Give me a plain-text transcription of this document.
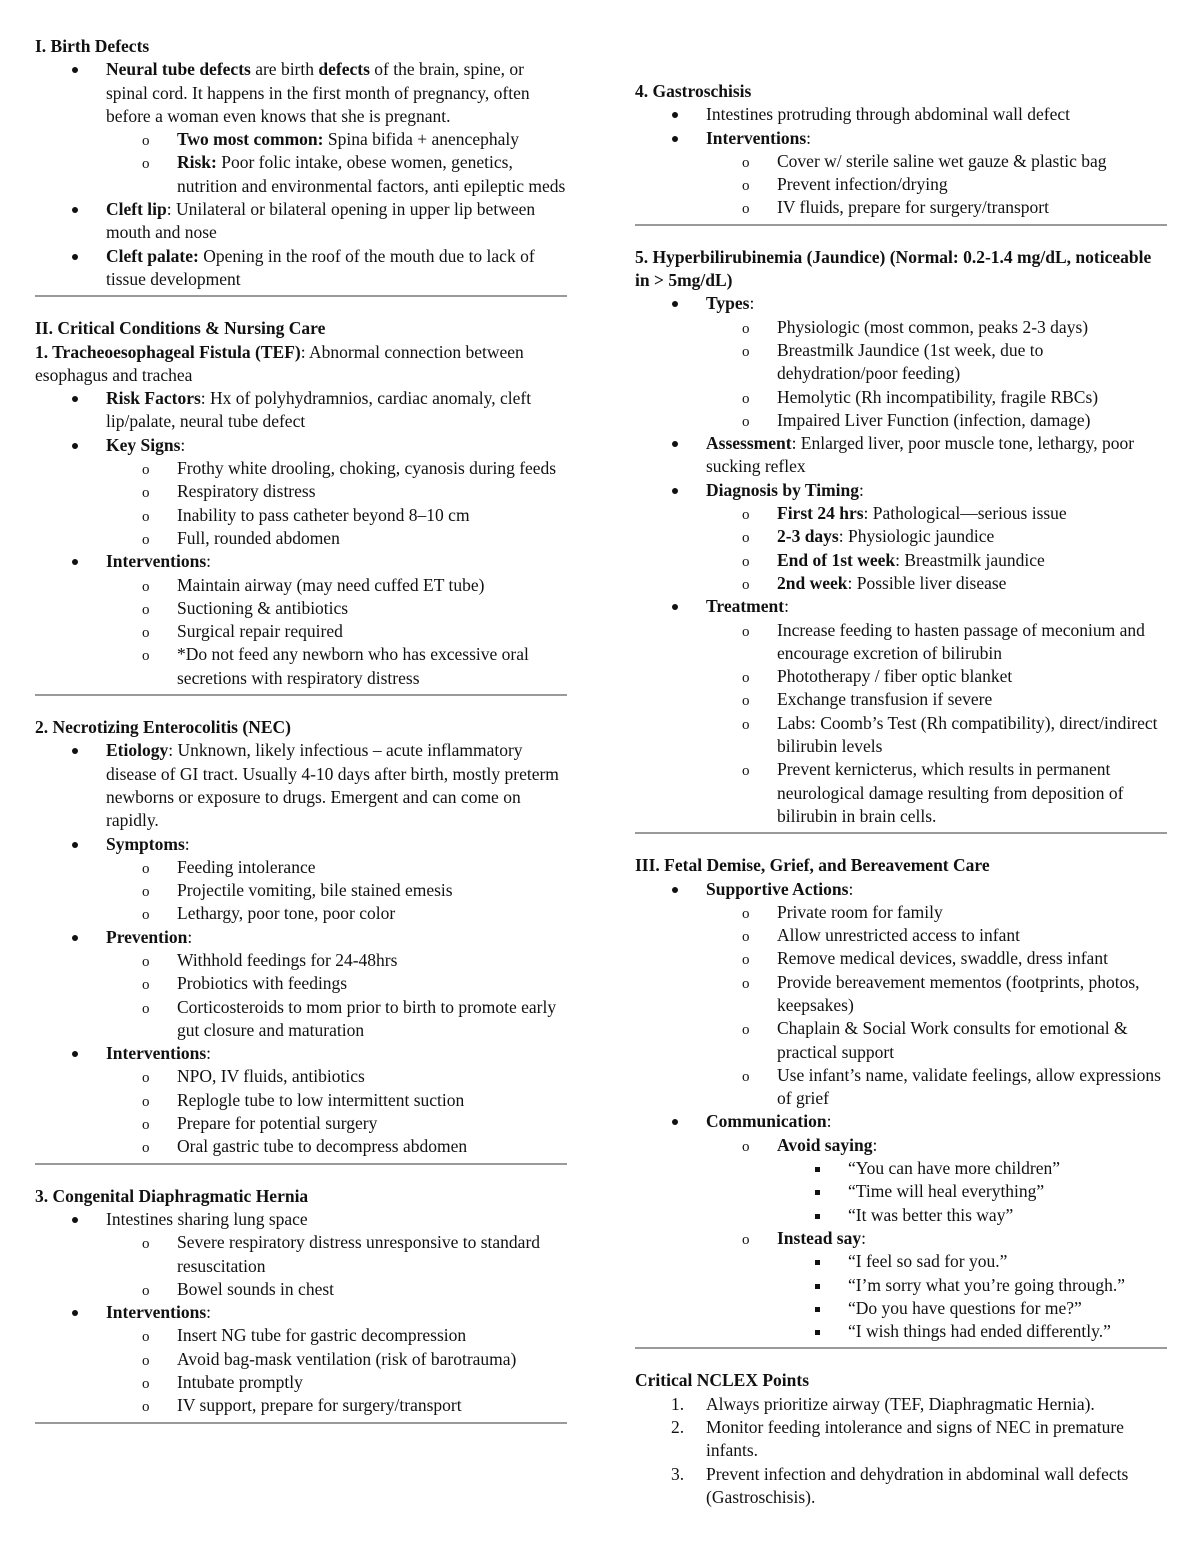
I. Birth Defects
Neural tube defects are birth defects of the brain, spine, or spinal cord. It happens in the first month of pregnancy, often before a woman even knows that she is pregnant.
o Two most common: Spina bifida + anencephaly
o Risk: Poor folic intake, obese women, genetics, nutrition and environmental factors, anti epileptic meds
Cleft lip: Unilateral or bilateral opening in upper lip between mouth and nose
Cleft palate: Opening in the roof of the mouth due to lack of tissue development
II. Critical Conditions & Nursing Care
1. Tracheoesophageal Fistula (TEF): Abnormal connection between esophagus and trachea
Risk Factors: Hx of polyhydramnios, cardiac anomaly, cleft lip/palate, neural tube defect
Key Signs:
o Frothy white drooling, choking, cyanosis during feeds
o Respiratory distress
o Inability to pass catheter beyond 8–10 cm
o Full, rounded abdomen
Interventions:
o Maintain airway (may need cuffed ET tube)
o Suctioning & antibiotics
o Surgical repair required
o *Do not feed any newborn who has excessive oral secretions with respiratory distress
2. Necrotizing Enterocolitis (NEC)
Etiology: Unknown, likely infectious – acute inflammatory disease of GI tract. Usually 4-10 days after birth, mostly preterm newborns or exposure to drugs. Emergent and can come on rapidly.
Symptoms:
o Feeding intolerance
o Projectile vomiting, bile stained emesis
o Lethargy, poor tone, poor color
Prevention:
o Withhold feedings for 24-48hrs
o Probiotics with feedings
o Corticosteroids to mom prior to birth to promote early gut closure and maturation
Interventions:
o NPO, IV fluids, antibiotics
o Replogle tube to low intermittent suction
o Prepare for potential surgery
o Oral gastric tube to decompress abdomen
3. Congenital Diaphragmatic Hernia
Intestines sharing lung space
o Severe respiratory distress unresponsive to standard resuscitation
o Bowel sounds in chest
Interventions:
o Insert NG tube for gastric decompression
o Avoid bag-mask ventilation (risk of barotrauma)
o Intubate promptly
o IV support, prepare for surgery/transport
4. Gastroschisis
Intestines protruding through abdominal wall defect
Interventions:
o Cover w/ sterile saline wet gauze & plastic bag
o Prevent infection/drying
o IV fluids, prepare for surgery/transport
5. Hyperbilirubinemia (Jaundice) (Normal: 0.2-1.4 mg/dL, noticeable in > 5mg/dL)
Types:
o Physiologic (most common, peaks 2-3 days)
o Breastmilk Jaundice (1st week, due to dehydration/poor feeding)
o Hemolytic (Rh incompatibility, fragile RBCs)
o Impaired Liver Function (infection, damage)
Assessment: Enlarged liver, poor muscle tone, lethargy, poor sucking reflex
Diagnosis by Timing:
o First 24 hrs: Pathological—serious issue
o 2-3 days: Physiologic jaundice
o End of 1st week: Breastmilk jaundice
o 2nd week: Possible liver disease
Treatment:
o Increase feeding to hasten passage of meconium and encourage excretion of bilirubin
o Phototherapy / fiber optic blanket
o Exchange transfusion if severe
o Labs: Coomb’s Test (Rh compatibility), direct/indirect bilirubin levels
o Prevent kernicterus, which results in permanent neurological damage resulting from deposition of bilirubin in brain cells.
III. Fetal Demise, Grief, and Bereavement Care
Supportive Actions:
o Private room for family
o Allow unrestricted access to infant
o Remove medical devices, swaddle, dress infant
o Provide bereavement mementos (footprints, photos, keepsakes)
o Chaplain & Social Work consults for emotional & practical support
o Use infant’s name, validate feelings, allow expressions of grief
Communication:
o Avoid saying:
“You can have more children”
“Time will heal everything”
“It was better this way”
o Instead say:
“I feel so sad for you.”
“I’m sorry what you’re going through.”
“Do you have questions for me?”
“I wish things had ended differently.”
Critical NCLEX Points
1. Always prioritize airway (TEF, Diaphragmatic Hernia).
2. Monitor feeding intolerance and signs of NEC in premature infants.
3. Prevent infection and dehydration in abdominal wall defects (Gastroschisis).
